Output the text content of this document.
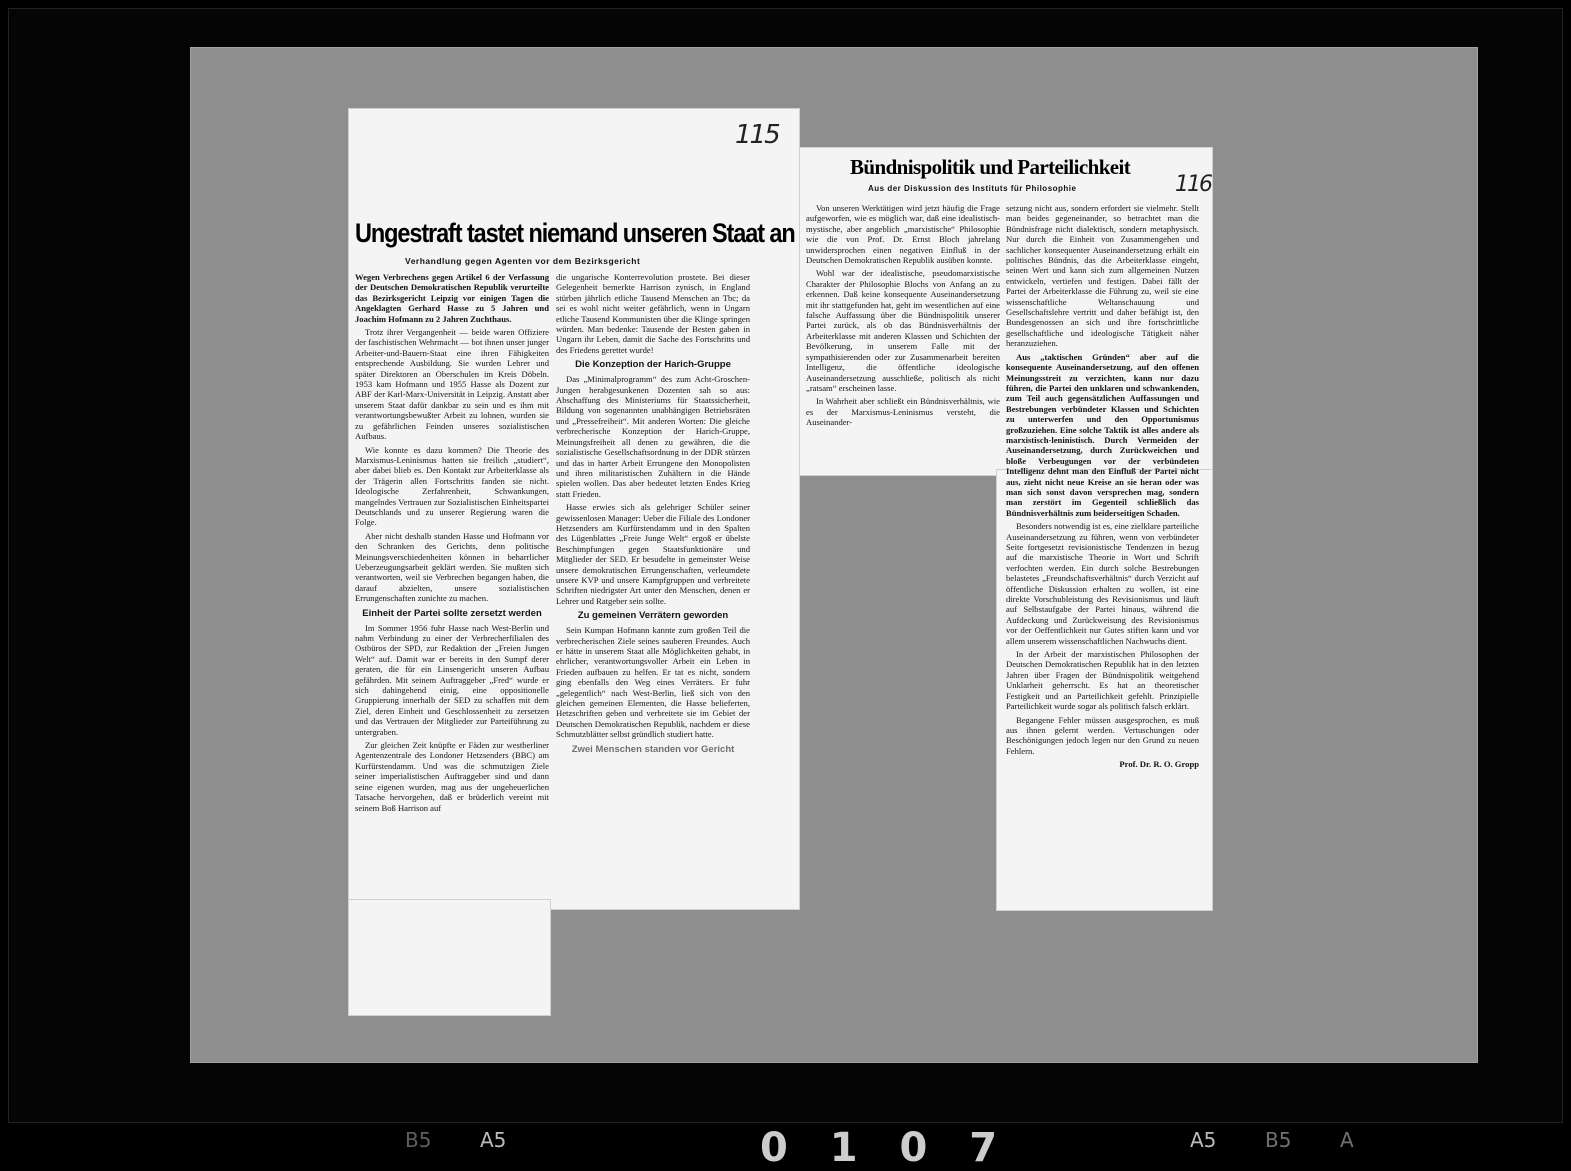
115
Ungestraft tastet niemand unseren Staat an
Verhandlung gegen Agenten vor dem Bezirksgericht

Wegen Verbrechens gegen Artikel 6 der Verfassung der Deutschen Demokratischen Republik verurteilte das Bezirksgericht Leipzig vor einigen Tagen die Angeklagten Gerhard Hasse zu 5 Jahren und Joachim Hofmann zu 2 Jahren Zuchthaus.

Trotz ihrer Vergangenheit — beide waren Offiziere der faschistischen Wehrmacht — bot ihnen unser junger Arbeiter-und-Bauern-Staat eine ihren Fähigkeiten entsprechende Ausbildung. Sie wurden Lehrer und später Direktoren an Oberschulen im Kreis Döbeln. 1953 kam Hofmann und 1955 Hasse als Dozent zur ABF der Karl-Marx-Universität in Leipzig. Anstatt aber unserem Staat dafür dankbar zu sein und es ihm mit verantwortungsbewußter Arbeit zu lohnen, wurden sie zu gefährlichen Feinden unseres sozialistischen Aufbaus.

Wie konnte es dazu kommen? Die Theorie des Marxismus-Leninismus hatten sie freilich „studiert“, aber dabei blieb es. Den Kontakt zur Arbeiterklasse als der Trägerin allen Fortschritts fanden sie nicht. Ideologische Zerfahrenheit, Schwankungen, mangelndes Vertrauen zur Sozialistischen Einheitspartei Deutschlands und zu unserer Regierung waren die Folge.

Aber nicht deshalb standen Hasse und Hofmann vor den Schranken des Gerichts, denn politische Meinungsverschiedenheiten können in beharrlicher Ueberzeugungsarbeit geklärt werden. Sie mußten sich verantworten, weil sie Verbrechen begangen haben, die darauf abzielten, unsere sozialistischen Errungenschaften zunichte zu machen.

Einheit der Partei sollte zersetzt werden

Im Sommer 1956 fuhr Hasse nach West-Berlin und nahm Verbindung zu einer der Verbrecherfilialen des Ostbüros der SPD, zur Redaktion der „Freien Jungen Welt“ auf. Damit war er bereits in den Sumpf derer geraten, die für ein Linsengericht unseren Aufbau gefährden. Mit seinem Auftraggeber „Fred“ wurde er sich dahingehend einig, eine oppositionelle Gruppierung innerhalb der SED zu schaffen mit dem Ziel, deren Einheit und Geschlossenheit zu zersetzen und das Vertrauen der Mitglieder zur Parteiführung zu untergraben.

Zur gleichen Zeit knüpfte er Fäden zur westberliner Agentenzentrale des Londoner Hetzsenders (BBC) am Kurfürstendamm. Und was die schmutzigen Ziele seiner imperialistischen Auftraggeber sind und dann seine eigenen wurden, mag aus der ungeheuerlichen Tatsache hervorgehen, daß er brüderlich vereint mit seinem Boß Harrison auf

die ungarische Konterrevolution prostete. Bei dieser Gelegenheit bemerkte Harrison zynisch, in England stürben jährlich etliche Tausend Menschen an Tbc; da sei es wohl nicht weiter gefährlich, wenn in Ungarn etliche Tausend Kommunisten über die Klinge springen würden. Man bedenke: Tausende der Besten gaben in Ungarn ihr Leben, damit die Sache des Fortschritts und des Friedens gerettet wurde!

Die Konzeption der Harich-Gruppe

Das „Minimalprogramm“ des zum Acht-Groschen-Jungen herabgesunkenen Dozenten sah so aus: Abschaffung des Ministeriums für Staatssicherheit, Bildung von sogenannten unabhängigen Betriebsräten und „Pressefreiheit“. Mit anderen Worten: Die gleiche verbrecherische Konzeption der Harich-Gruppe, Meinungsfreiheit all denen zu gewähren, die die sozialistische Gesellschaftsordnung in der DDR stürzen und das in harter Arbeit Errungene den Monopolisten und ihren militaristischen Zuhältern in die Hände spielen wollen. Das aber bedeutet letzten Endes Krieg statt Frieden.

Hasse erwies sich als gelehriger Schüler seiner gewissenlosen Manager: Ueber die Filiale des Londoner Hetzsenders am Kurfürstendamm und in den Spalten des Lügenblattes „Freie Junge Welt“ ergoß er übelste Beschimpfungen gegen Staatsfunktionäre und Mitglieder der SED. Er besudelte in gemeinster Weise unsere demokratischen Errungenschaften, verleumdete unsere KVP und unsere Kampfgruppen und verbreitete Schriften niedrigster Art unter den Menschen, denen er Lehrer und Ratgeber sein sollte.

Zu gemeinen Verrätern geworden

Sein Kumpan Hofmann kannte zum großen Teil die verbrecherischen Ziele seines sauberen Freundes. Auch er hätte in unserem Staat alle Möglichkeiten gehabt, in ehrlicher, verantwortungsvoller Arbeit ein Leben in Frieden aufbauen zu helfen. Er tat es nicht, sondern ging ebenfalls den Weg eines Verräters. Er fuhr „gelegentlich“ nach West-Berlin, ließ sich von den gleichen gemeinen Elementen, die Hasse belieferten, Hetzschriften geben und verbreitete sie im Gebiet der Deutschen Demokratischen Republik, nachdem er diese Schmutzblätter selbst gründlich studiert hatte.

Zwei Menschen standen vor Gericht
Bündnispolitik und Parteilichkeit
116
Aus der Diskussion des Instituts für Philosophie

Von unseren Werktätigen wird jetzt häufig die Frage aufgeworfen, wie es möglich war, daß eine idealistisch-mystische, aber angeblich „marxistische“ Philosophie wie die von Prof. Dr. Ernst Bloch jahrelang unwidersprochen einen negativen Einfluß in der Deutschen Demokratischen Republik ausüben konnte.

Wohl war der idealistische, pseudomarxistische Charakter der Philosophie Blochs von Anfang an zu erkennen. Daß keine konsequente Auseinandersetzung mit ihr stattgefunden hat, geht im wesentlichen auf eine falsche Auffassung über die Bündnispolitik unserer Partei zurück, als ob das Bündnisverhältnis der Arbeiterklasse mit anderen Klassen und Schichten der Bevölkerung, in unserem Falle mit der sympathisierenden oder zur Zusammenarbeit bereiten Intelligenz, die öffentliche ideologische Auseinandersetzung ausschließe, politisch als nicht „ratsam“ erscheinen lasse.

In Wahrheit aber schließt ein Bündnisverhältnis, wie es der Marxismus-Leninismus versteht, die Auseinander-

setzung nicht aus, sondern erfordert sie vielmehr. Stellt man beides gegeneinander, so betrachtet man die Bündnisfrage nicht dialektisch, sondern metaphysisch. Nur durch die Einheit von Zusammengehen und sachlicher konsequenter Auseinandersetzung erhält ein politisches Bündnis, das die Arbeiterklasse eingeht, seinen Wert und kann sich zum allgemeinen Nutzen entwickeln, vertiefen und festigen. Dabei fällt der Partei der Arbeiterklasse die Führung zu, weil sie eine wissenschaftliche Weltanschauung und Gesellschaftslehre vertritt und daher befähigt ist, den Bundesgenossen an sich und ihre fortschrittliche gesellschaftliche und ideologische Tätigkeit näher heranzuziehen.

Aus „taktischen Gründen“ aber auf die konsequente Auseinandersetzung, auf den offenen Meinungsstreit zu verzichten, kann nur dazu führen, die Partei den unklaren und schwankenden, zum Teil auch gegensätzlichen Auffassungen und Bestrebungen verbündeter Klassen und Schichten zu unterwerfen und den Opportunismus großzuziehen. Eine solche Taktik ist alles andere als marxistisch-leninistisch. Durch Vermeiden der Auseinandersetzung, durch Zurückweichen und bloße Verbeugungen vor der verbündeten Intelligenz dehnt man den Einfluß der Partei nicht aus, zieht nicht neue Kreise an sie heran oder was man sich sonst davon versprechen mag, sondern man zerstört im Gegenteil schließlich das Bündnisverhältnis zum beiderseitigen Schaden.

Besonders notwendig ist es, eine zielklare parteiliche Auseinandersetzung zu führen, wenn von verbündeter Seite fortgesetzt revisionistische Tendenzen in bezug auf die marxistische Theorie in Wort und Schrift verfochten werden. Ein durch solche Bestrebungen belastetes „Freundschaftsverhältnis“ durch Verzicht auf öffentliche Diskussion erhalten zu wollen, ist eine direkte Vorschubleistung des Revisionismus und läuft auf Selbstaufgabe der Partei hinaus, während die Aufdeckung und Zurückweisung des Revisionismus vor der Oeffentlichkeit nur Gutes stiften kann und vor allem unserem wissenschaftlichen Nachwuchs dient.

In der Arbeit der marxistischen Philosophen der Deutschen Demokratischen Republik hat in den letzten Jahren über Fragen der Bündnispolitik weitgehend Unklarheit geherrscht. Es hat an theoretischer Festigkeit und an Parteilichkeit gefehlt. Prinzipielle Parteilichkeit wurde sogar als politisch falsch erklärt.

Begangene Fehler müssen ausgesprochen, es muß aus ihnen gelernt werden. Vertuschungen oder Beschönigungen jedoch legen nur den Grund zu neuen Fehlern.

Prof. Dr. R. O. Gropp
A5
B5	0 1 0 7	A5 B5 A
